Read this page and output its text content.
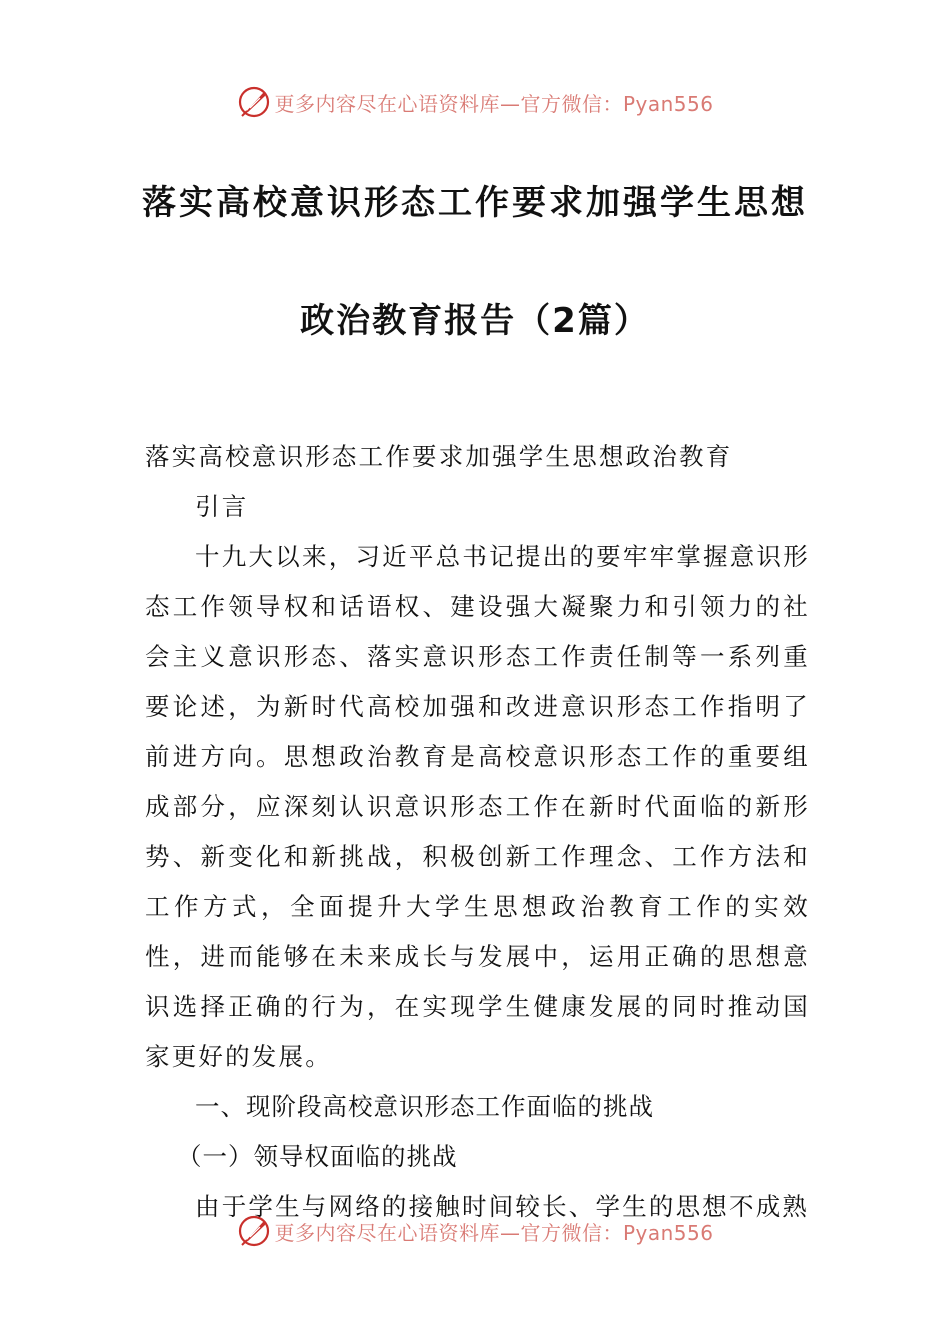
更多内容尽在心语资料库 —官方微信：Pyan556
落实高校意识形态工作要求加强学生思想
政治教育报告（2篇）

落实高校意识形态工作要求加强学生思想政治教育

引言

十九大以来，习近平总书记提出的要牢牢掌握意识形态工作领导权和话语权、建设强大凝聚力和引领力的社会主义意识形态、落实意识形态工作责任制等一系列重要论述，为新时代高校加强和改进意识形态工作指明了前进方向。思想政治教育是高校意识形态工作的重要组成部分，应深刻认识意识形态工作在新时代面临的新形势、新变化和新挑战，积极创新工作理念、工作方法和工作方式，全面提升大学生思想政治教育工作的实效性，进而能够在未来成长与发展中，运用正确的思想意识选择正确的行为，在实现学生健康发展的同时推动国家更好的发展。

一、现阶段高校意识形态工作面临的挑战

（一）领导权面临的挑战

由于学生与网络的接触时间较长、学生的思想不成熟

更多内容尽在心语资料库 —官方微信：Pyan556
